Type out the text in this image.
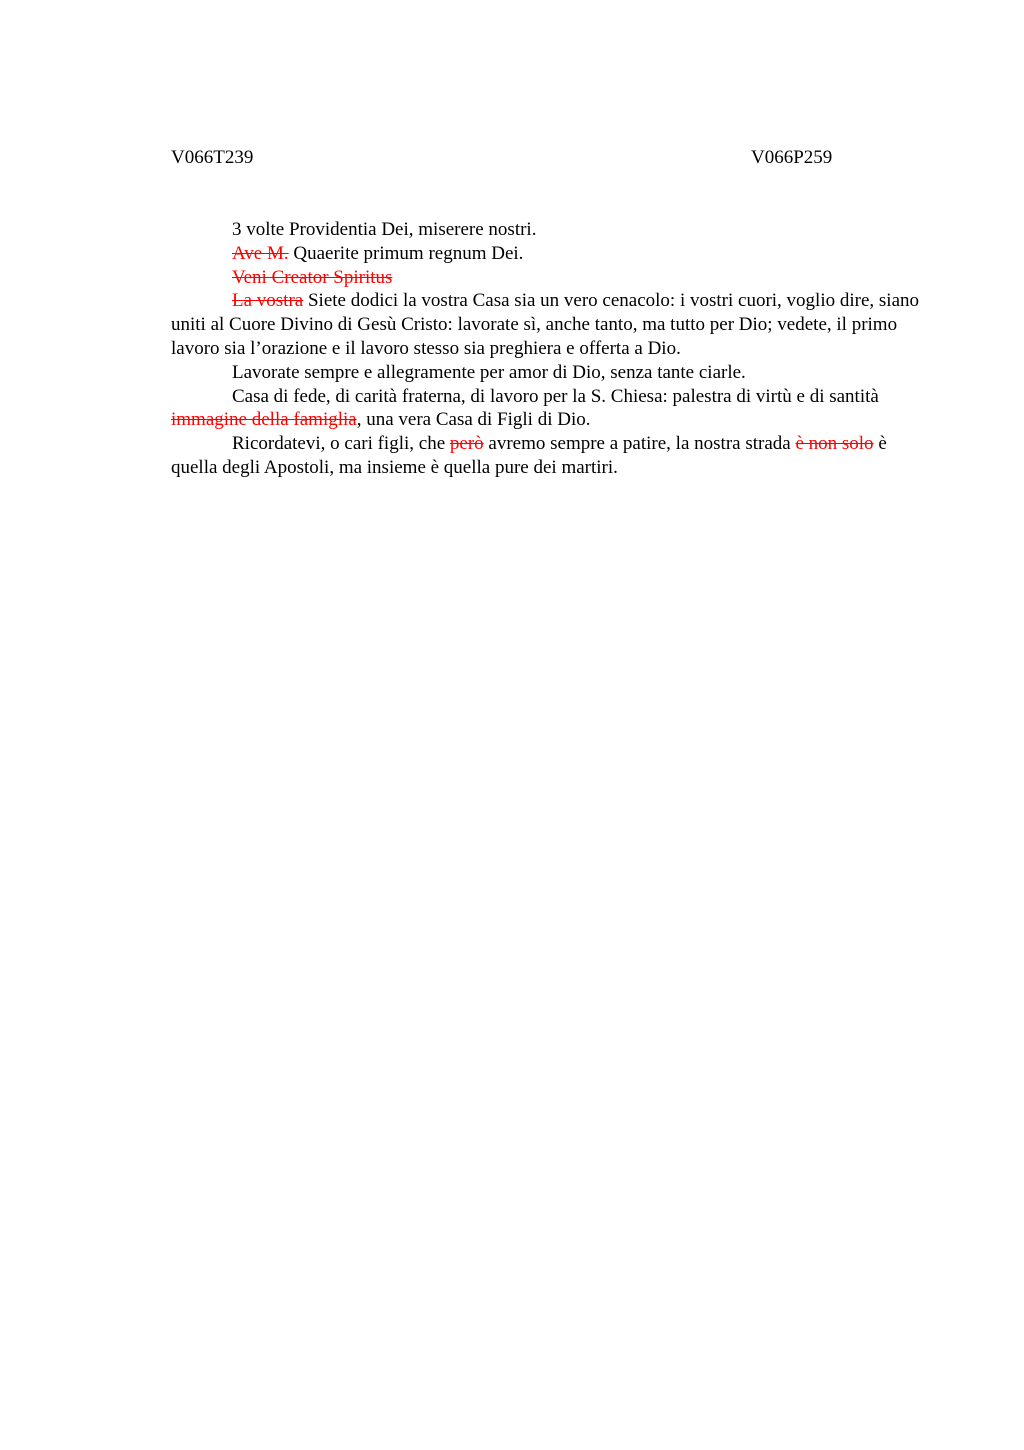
V066T239	V066P259

3 volte Providentia Dei, miserere nostri.

Ave M. Quaerite primum regnum Dei.

Veni Creator Spiritus

La vostra Siete dodici la vostra Casa sia un vero cenacolo: i vostri cuori, voglio dire, siano uniti al Cuore Divino di Gesù Cristo: lavorate sì, anche tanto, ma tutto per Dio; vedete, il primo lavoro sia l’orazione e il lavoro stesso sia preghiera e offerta a Dio.

Lavorate sempre e allegramente per amor di Dio, senza tante ciarle.

Casa di fede, di carità fraterna, di lavoro per la S. Chiesa: palestra di virtù e di santità immagine della famiglia, una vera Casa di Figli di Dio.

Ricordatevi, o cari figli, che però avremo sempre a patire, la nostra strada è non solo è quella degli Apostoli, ma insieme è quella pure dei martiri.
